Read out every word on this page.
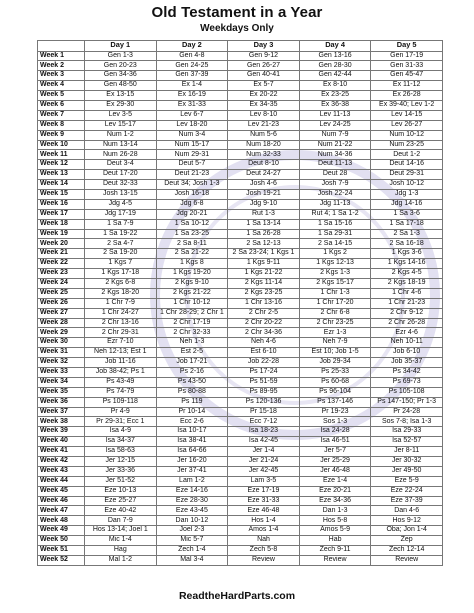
Old Testament in a Year
Weekdays Only
	Day 1	Day 2	Day 3	Day 4	Day 5
Week 1	Gen 1-3	Gen 4-8	Gen 9-12	Gen 13-16	Gen 17-19
Week 2	Gen 20-23	Gen 24-25	Gen 26-27	Gen 28-30	Gen 31-33
Week 3	Gen 34-36	Gen 37-39	Gen 40-41	Gen 42-44	Gen 45-47
Week 4	Gen 48-50	Ex 1-4	Ex 5-7	Ex 8-10	Ex 11-12
Week 5	Ex 13-15	Ex 16-19	Ex 20-22	Ex 23-25	Ex 26-28
Week 6	Ex 29-30	Ex 31-33	Ex 34-35	Ex 36-38	Ex 39-40; Lev 1-2
Week 7	Lev 3-5	Lev 6-7	Lev 8-10	Lev 11-13	Lev 14-15
Week 8	Lev 15-17	Lev 18-20	Lev 21-23	Lev 24-25	Lev 26-27
Week 9	Num 1-2	Num 3-4	Num 5-6	Num 7-9	Num 10-12
Week 10	Num 13-14	Num 15-17	Num 18-20	Num 21-22	Num 23-25
Week 11	Num 26-28	Num 29-31	Num 32-33	Num 34-36	Deut 1-2
Week 12	Deut 3-4	Deut 5-7	Deut 8-10	Deut 11-13	Deut 14-16
Week 13	Deut 17-20	Deut 21-23	Deut 24-27	Deut 28	Deut 29-31
Week 14	Deut 32-33	Deut 34; Josh 1-3	Josh 4-6	Josh 7-9	Josh 10-12
Week 15	Josh 13-15	Josh 16-18	Josh 19-21	Josh 22-24	Jdg 1-3
Week 16	Jdg 4-5	Jdg 6-8	Jdg 9-10	Jdg 11-13	Jdg 14-16
Week 17	Jdg 17-19	Jdg 20-21	Rut 1-3	Rut 4; 1 Sa 1-2	1 Sa 3-6
Week 18	1 Sa 7-9	1 Sa 10-12	1 Sa 13-14	1 Sa 15-16	1 Sa 17-18
Week 19	1 Sa 19-22	1 Sa 23-25	1 Sa 26-28	1 Sa 29-31	2 Sa 1-3
Week 20	2 Sa 4-7	2 Sa 8-11	2 Sa 12-13	2 Sa 14-15	2 Sa 16-18
Week 21	2 Sa 19-20	2 Sa 21-22	2 Sa 23-24; 1 Kgs 1	1 Kgs 2	1 Kgs 3-6
Week 22	1 Kgs 7	1 Kgs 8	1 Kgs 9-11	1 Kgs 12-13	1 Kgs 14-16
Week 23	1 Kgs 17-18	1 Kgs 19-20	1 Kgs 21-22	2 Kgs 1-3	2 Kgs 4-5
Week 24	2 Kgs 6-8	2 Kgs 9-10	2 Kgs 11-14	2 Kgs 15-17	2 Kgs 18-19
Week 25	2 Kgs 18-20	2 Kgs 21-22	2 Kgs 23-25	1 Chr 1-3	1 Chr 4-6
Week 26	1 Chr 7-9	1 Chr 10-12	1 Chr 13-16	1 Chr 17-20	1 Chr 21-23
Week 27	1 Chr 24-27	1 Chr 28-29; 2 Chr 1	2 Chr 2-5	2 Chr 6-8	2 Chr 9-12
Week 28	2 Chr 13-16	2 Chr 17-19	2 Chr 20-22	2 Chr 23-25	2 Chr 26-28
Week 29	2 Chr 29-31	2 Chr 32-33	2 Chr 34-36	Ezr 1-3	Ezr 4-6
Week 30	Ezr 7-10	Neh 1-3	Neh 4-6	Neh 7-9	Neh 10-11
Week 31	Neh 12-13; Est 1	Est 2-5	Est 6-10	Est 10; Job 1-5	Job 6-10
Week 32	Job 11-16	Job 17-21	Job 22-28	Job 29-34	Job 35-37
Week 33	Job 38-42; Ps 1	Ps 2-16	Ps 17-24	Ps 25-33	Ps 34-42
Week 34	Ps 43-49	Ps 43-50	Ps 51-59	Ps 60-68	Ps 69-73
Week 35	Ps 74-79	Ps 80-88	Ps 89-95	Ps 96-104	Ps 105-108
Week 36	Ps 109-118	Ps 119	Ps 120-136	Ps 137-146	Ps 147-150; Pr 1-3
Week 37	Pr 4-9	Pr 10-14	Pr 15-18	Pr 19-23	Pr 24-28
Week 38	Pr 29-31; Ecc 1	Ecc 2-6	Ecc 7-12	Sos 1-3	Sos 7-8; Isa 1-3
Week 39	Isa 4-9	Isa 10-17	Isa 18-23	Isa 24-28	Isa 29-33
Week 40	Isa 34-37	Isa 38-41	Isa 42-45	Isa 46-51	Isa 52-57
Week 41	Isa 58-63	Isa 64-66	Jer 1-4	Jer 5-7	Jer 8-11
Week 42	Jer 12-15	Jer 16-20	Jer 21-24	Jer 25-29	Jer 30-32
Week 43	Jer 33-36	Jer 37-41	Jer 42-45	Jer 46-48	Jer 49-50
Week 44	Jer 51-52	Lam 1-2	Lam 3-5	Eze 1-4	Eze 5-9
Week 45	Eze 10-13	Eze 14-16	Eze 17-19	Eze 20-21	Eze 22-24
Week 46	Eze 25-27	Eze 28-30	Eze 31-33	Eze 34-36	Eze 37-39
Week 47	Eze 40-42	Eze 43-45	Eze 46-48	Dan 1-3	Dan 4-6
Week 48	Dan 7-9	Dan 10-12	Hos 1-4	Hos 5-8	Hos 9-12
Week 49	Hos 13-14; Joel 1	Joel 2-3	Amos 1-4	Amos 5-9	Oba; Jon 1-4
Week 50	Mic 1-4	Mic 5-7	Nah	Hab	Zep
Week 51	Hag	Zech 1-4	Zech 5-8	Zech 9-11	Zech 12-14
Week 52	Mal 1-2	Mal 3-4	Review	Review	Review
ReadtheHardParts.com
